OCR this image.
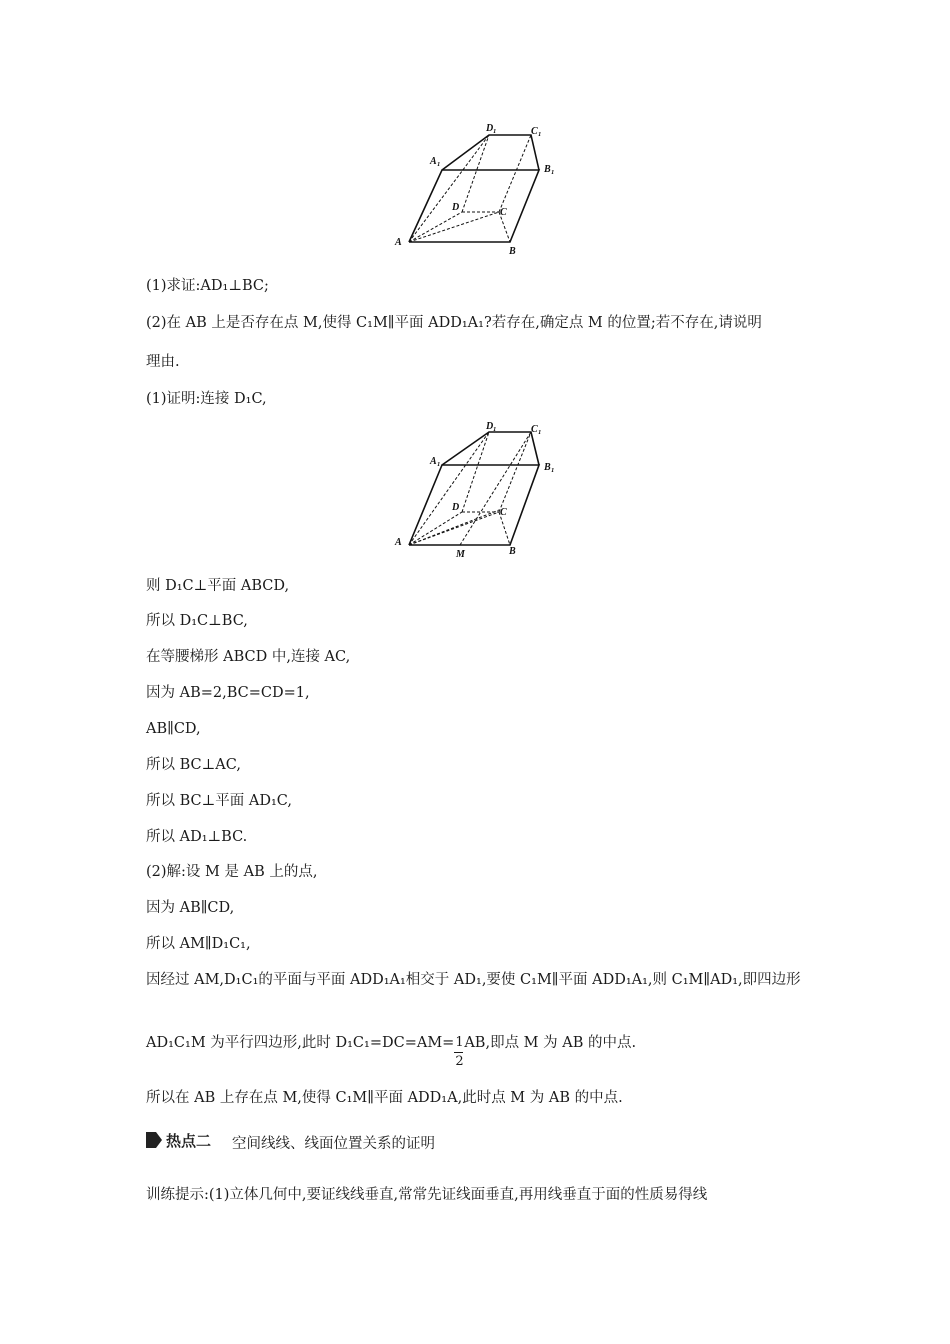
A
B
C
D
A 1	B 1
C 1
D 1
(1)求证:AD₁⊥BC;
(2)在 AB 上是否存在点 M,使得 C₁M∥平面 ADD₁A₁?若存在,确定点 M 的位置;若不存在,请说明
理由.
(1)证明:连接 D₁C,
A
B
M
C
D
A 1	B 1
C 1
D 1
则 D₁C⊥平面 ABCD,
所以 D₁C⊥BC,
在等腰梯形 ABCD 中,连接 AC,
因为 AB=2,BC=CD=1,
AB∥CD,
所以 BC⊥AC,
所以 BC⊥平面 AD₁C,
所以 AD₁⊥BC.
(2)解:设 M 是 AB 上的点,
因为 AB∥CD,
所以 AM∥D₁C₁,
因经过 AM,D₁C₁的平面与平面 ADD₁A₁相交于 AD₁,要使 C₁M∥平面 ADD₁A₁,则 C₁M∥AD₁,即四边形
AD₁C₁M 为平行四边形,此时 $D_1C_1=DC=AM= \frac{1}{2}$ AB,即点 M 为 AB 的中点.
所以在 AB 上存在点 M,使得 C₁M∥平面 ADD₁A,此时点 M 为 AB 的中点.
热点二 空间线线、线面位置关系的证明
训练提示:(1)立体几何中,要证线线垂直,常常先证线面垂直,再用线垂直于面的性质易得线
